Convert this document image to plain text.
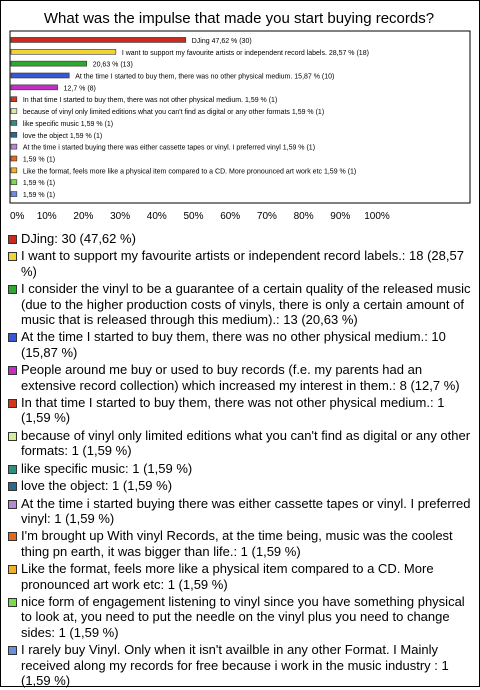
What was the impulse that made you start buying records?
DJing 47,62 % (30)
I want to support my favourite artists or independent record labels. 28,57 % (18)
20,63 % (13)
At the time I started to buy them, there was no other physical medium. 15,87 % (10)
12,7 % (8)
In that time I started to buy them, there was not other physical medium. 1,59 % (1)
because of vinyl only limited editions what you can't find as digital or any other formats 1,59 % (1)
like specific music 1,59 % (1)
love the object 1,59 % (1)
At the time i started buying there was either cassette tapes or vinyl. I preferred vinyl 1,59 % (1)
1,59 % (1)
Like the format, feels more like a physical item compared to a CD. More pronounced art work etc 1,59 % (1)
1,59 % (1)
1,59 % (1)
0% 10% 20% 30% 40% 50% 60% 70% 80% 90% 100%
DJing: 30 (47,62 %)
I want to support my favourite artists or independent record labels.: 18 (28,57 %)
I consider the vinyl to be a guarantee of a certain quality of the released music (due to the higher production costs of vinyls, there is only a certain amount of music that is released through this medium).: 13 (20,63 %)
At the time I started to buy them, there was no other physical medium.: 10 (15,87 %)
People around me buy or used to buy records (f.e. my parents had an extensive record collection) which increased my interest in them.: 8 (12,7 %)
In that time I started to buy them, there was not other physical medium.: 1 (1,59 %)
because of vinyl only limited editions what you can't find as digital or any other formats: 1 (1,59 %)
like specific music: 1 (1,59 %)
love the object: 1 (1,59 %)
At the time i started buying there was either cassette tapes or vinyl. I preferred vinyl: 1 (1,59 %)
I'm brought up With vinyl Records, at the time being, music was the coolest thing pn earth, it was bigger than life.: 1 (1,59 %)
Like the format, feels more like a physical item compared to a CD. More pronounced art work etc: 1 (1,59 %)
nice form of engagement listening to vinyl since you have something physical to look at, you need to put the needle on the vinyl plus you need to change sides: 1 (1,59 %)
I rarely buy Vinyl. Only when it isn't availble in any other Format. I Mainly received along my records for free because i work in the music industry : 1 (1,59 %)
